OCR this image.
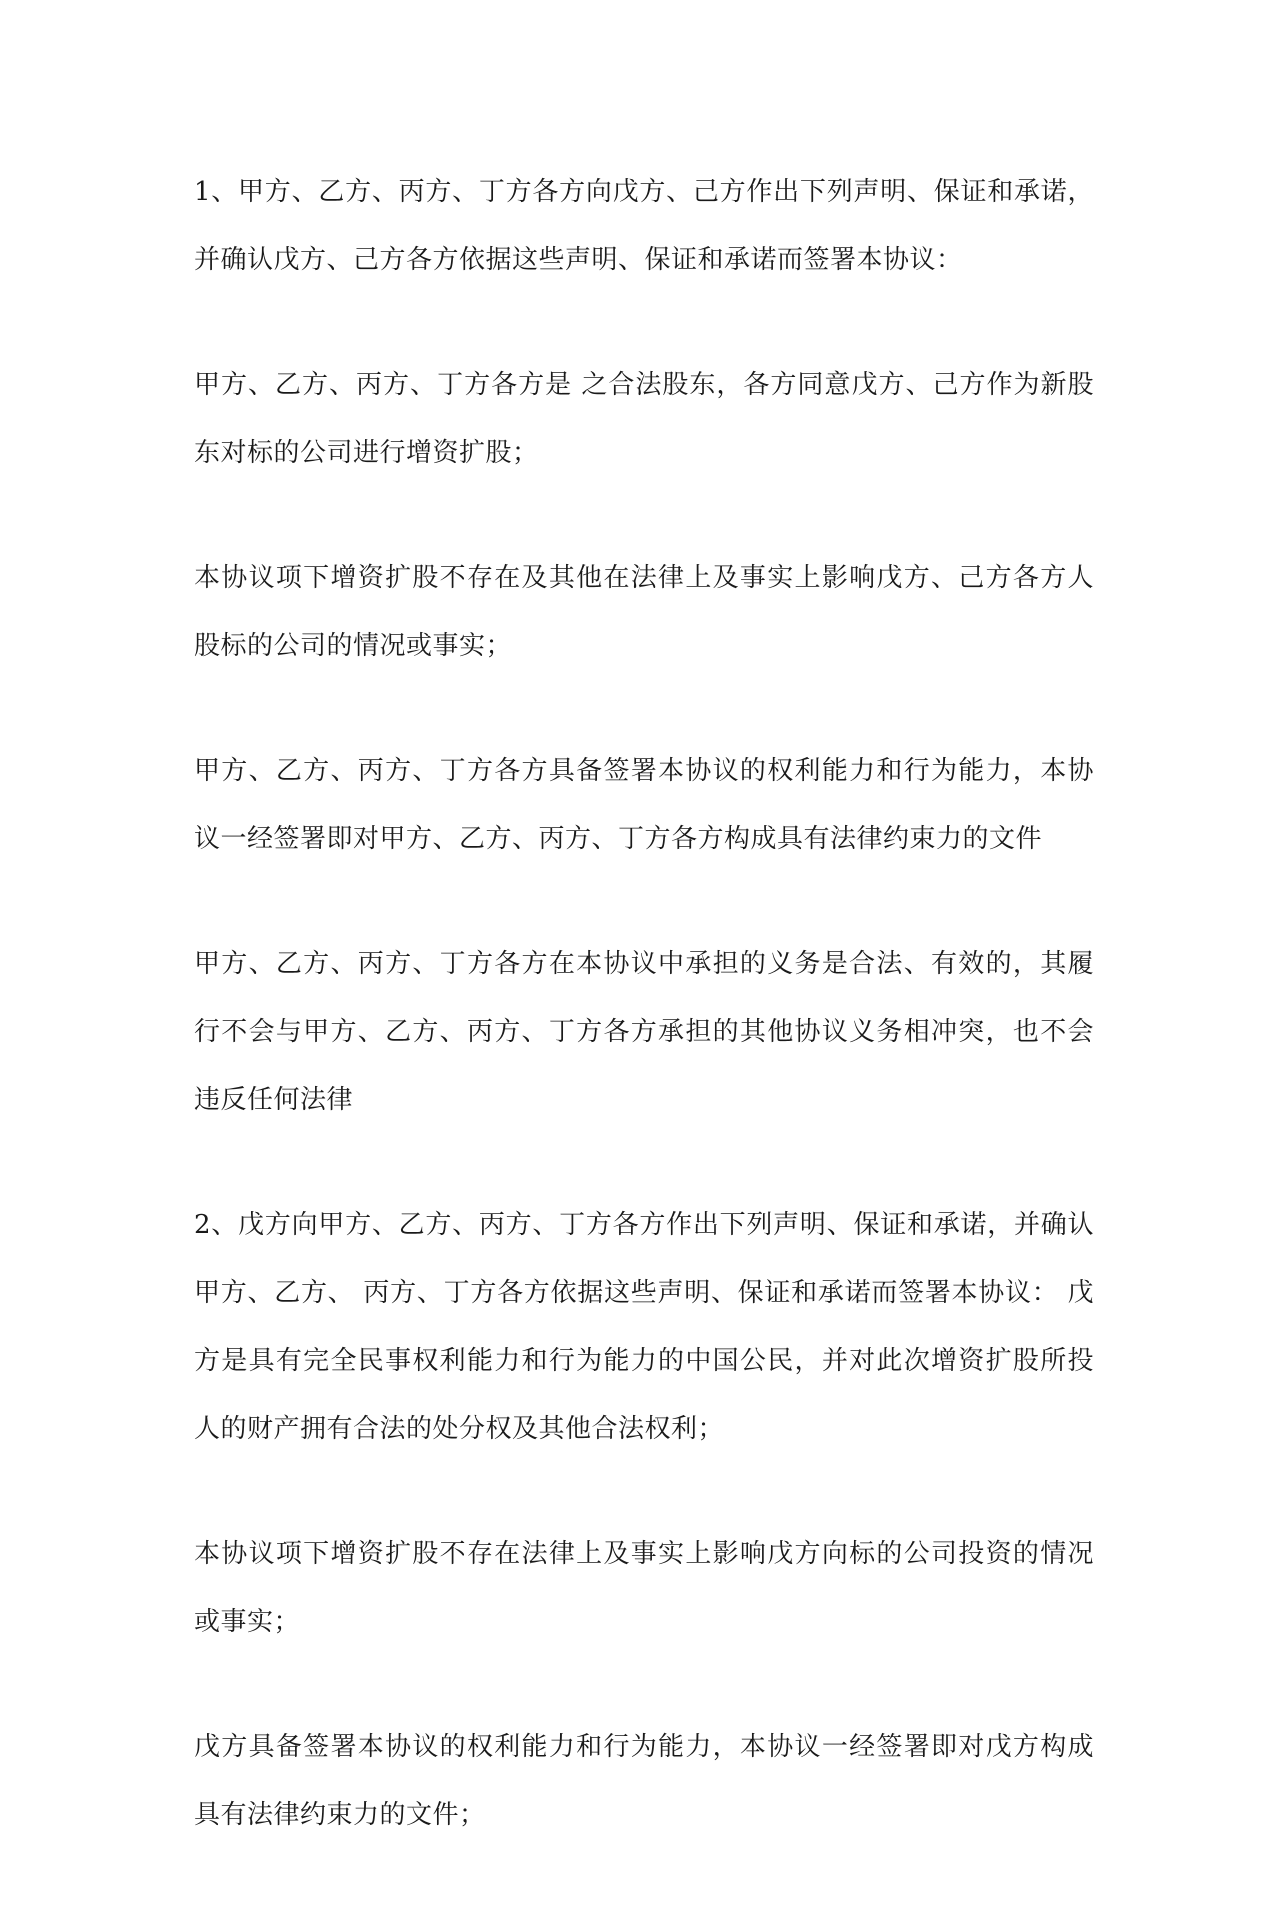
1、甲方、乙方、丙方、丁方各方向戊方、己方作出下列声明、保证和承诺，并确认戊方、己方各方依据这些声明、保证和承诺而签署本协议：

甲方、乙方、丙方、丁方各方是 之合法股东，各方同意戊方、己方作为新股东对标的公司进行增资扩股；

本协议项下增资扩股不存在及其他在法律上及事实上影响戊方、己方各方人股标的公司的情况或事实；

甲方、乙方、丙方、丁方各方具备签署本协议的权利能力和行为能力，本协议一经签署即对甲方、乙方、丙方、丁方各方构成具有法律约束力的文件

甲方、乙方、丙方、丁方各方在本协议中承担的义务是合法、有效的，其履行不会与甲方、乙方、丙方、丁方各方承担的其他协议义务相冲突，也不会违反任何法律

2、戊方向甲方、乙方、丙方、丁方各方作出下列声明、保证和承诺，并确认甲方、乙方、 丙方、丁方各方依据这些声明、保证和承诺而签署本协议： 戊方是具有完全民事权利能力和行为能力的中国公民，并对此次增资扩股所投人的财产拥有合法的处分权及其他合法权利；

本协议项下增资扩股不存在法律上及事实上影响戊方向标的公司投资的情况或事实；

戊方具备签署本协议的权利能力和行为能力，本协议一经签署即对戊方构成具有法律约束力的文件；
